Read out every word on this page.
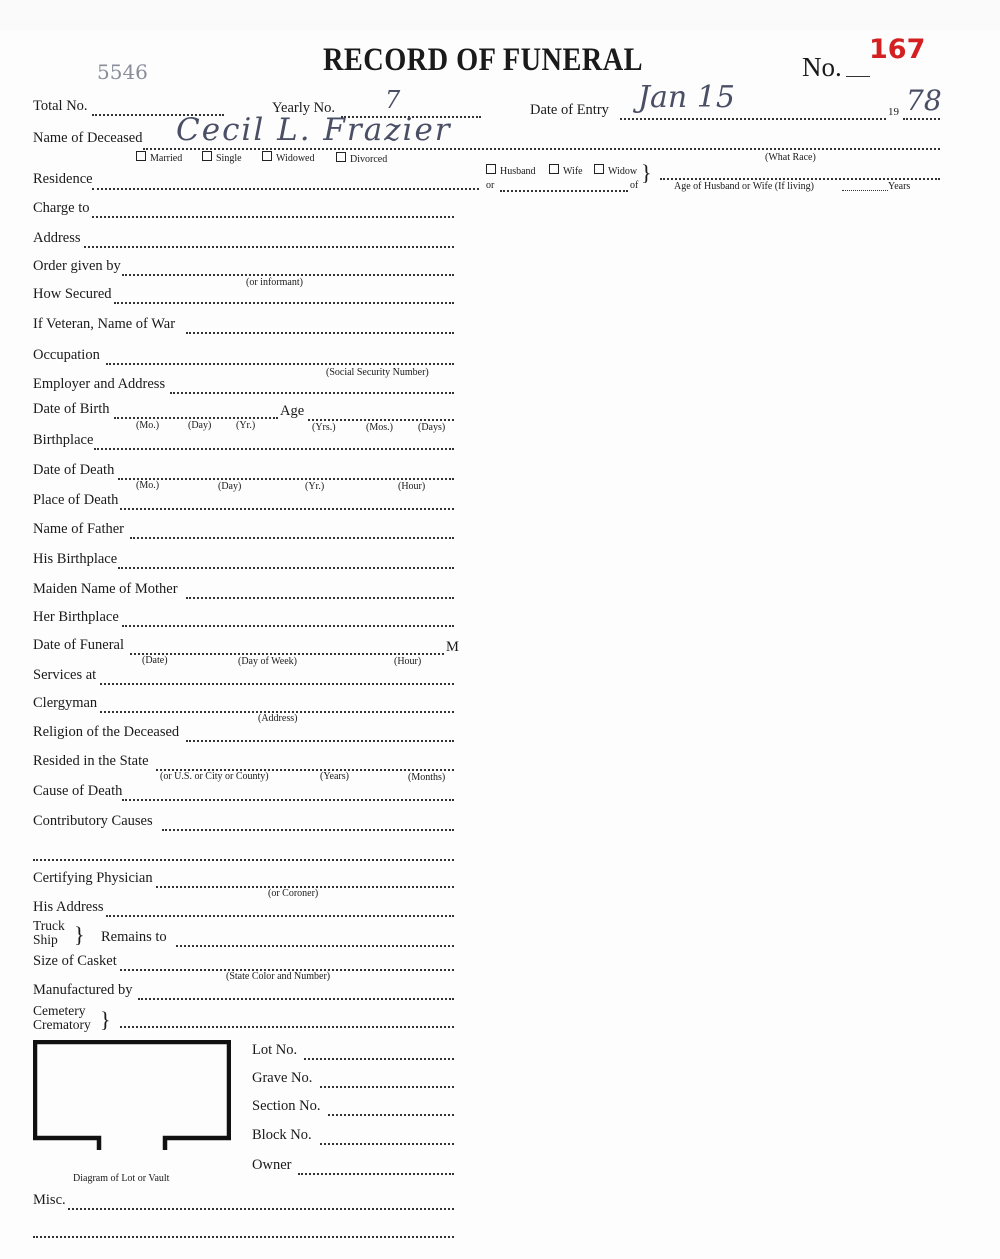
RECORD OF FUNERAL	No.
167
5546
Total No.	Yearly No. 7	Date of Entry Jan 15	19 78
Name of Deceased Cecil L. Frazier
Married	Single	Widowed	Divorced	(What Race)
Husband	Wife	Widow }
Residence	or	of	Age of Husband or Wife (If living)	Years
Charge to
Address
Order given by
(or informant)
How Secured
If Veteran, Name of War
Occupation
(Social Security Number)
Employer and Address
Date of Birth	Age
(Mo.)	(Day) (Yr.)	(Yrs.)	(Mos.)	(Days)
Birthplace
Date of Death
(Mo.)	(Day)	(Yr.)	(Hour)
Place of Death
Name of Father
His Birthplace
Maiden Name of Mother
Her Birthplace
Date of Funeral	M
(Date)	(Day of Week)	(Hour)
Services at
Clergyman
(Address)
Religion of the Deceased
Resided in the State
(or U.S. or City or County)	(Years)	(Months)
Cause of Death
Contributory Causes
Certifying Physician
(or Coroner)
His Address
Truck
Ship } Remains to
Size of Casket
(State Color and Number)
Manufactured by
Cemetery
Crematory }
Diagram of Lot or Vault
Lot No.
Grave No.
Section No.
Block No.
Owner
Misc.
